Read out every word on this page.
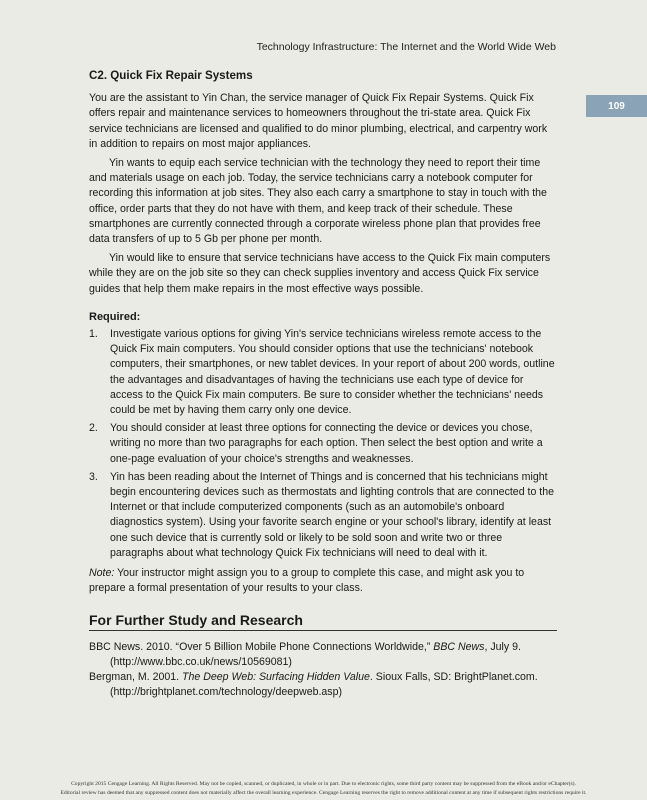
Technology Infrastructure: The Internet and the World Wide Web
109
C2. Quick Fix Repair Systems

You are the assistant to Yin Chan, the service manager of Quick Fix Repair Systems. Quick Fix offers repair and maintenance services to homeowners throughout the tri-state area. Quick Fix service technicians are licensed and qualified to do minor plumbing, electrical, and carpentry work in addition to repairs on most major appliances.

Yin wants to equip each service technician with the technology they need to report their time and materials usage on each job. Today, the service technicians carry a notebook computer for recording this information at job sites. They also each carry a smartphone to stay in touch with the office, order parts that they do not have with them, and keep track of their schedule. These smartphones are currently connected through a corporate wireless phone plan that provides free data transfers of up to 5 Gb per phone per month.

Yin would like to ensure that service technicians have access to the Quick Fix main computers while they are on the job site so they can check supplies inventory and access Quick Fix service guides that help them make repairs in the most effective ways possible.

Required:
1.	Investigate various options for giving Yin's service technicians wireless remote access to the Quick Fix main computers. You should consider options that use the technicians' notebook computers, their smartphones, or new tablet devices. In your report of about 200 words, outline the advantages and disadvantages of having the technicians use each type of device for access to the Quick Fix main computers. Be sure to consider whether the technicians' needs could be met by having them carry only one device.
2.	You should consider at least three options for connecting the device or devices you chose, writing no more than two paragraphs for each option. Then select the best option and write a one-page evaluation of your choice's strengths and weaknesses.
3.	Yin has been reading about the Internet of Things and is concerned that his technicians might begin encountering devices such as thermostats and lighting controls that are connected to the Internet or that include computerized components (such as an automobile's onboard diagnostics system). Using your favorite search engine or your school's library, identify at least one such device that is currently sold or likely to be sold soon and write two or three paragraphs about what technology Quick Fix technicians will need to deal with it.

Note: Your instructor might assign you to a group to complete this case, and might ask you to prepare a formal presentation of your results to your class.

For Further Study and Research
BBC News. 2010. “Over 5 Billion Mobile Phone Connections Worldwide,” BBC News, July 9. (http://www.bbc.co.uk/news/10569081)
Bergman, M. 2001. The Deep Web: Surfacing Hidden Value. Sioux Falls, SD: BrightPlanet.com. (http://brightplanet.com/technology/deepweb.asp)
Copyright 2015 Cengage Learning. All Rights Reserved. May not be copied, scanned, or duplicated, in whole or in part. Due to electronic rights, some third party content may be suppressed from the eBook and/or eChapter(s).
Editorial review has deemed that any suppressed content does not materially affect the overall learning experience. Cengage Learning reserves the right to remove additional content at any time if subsequent rights restrictions require it.
